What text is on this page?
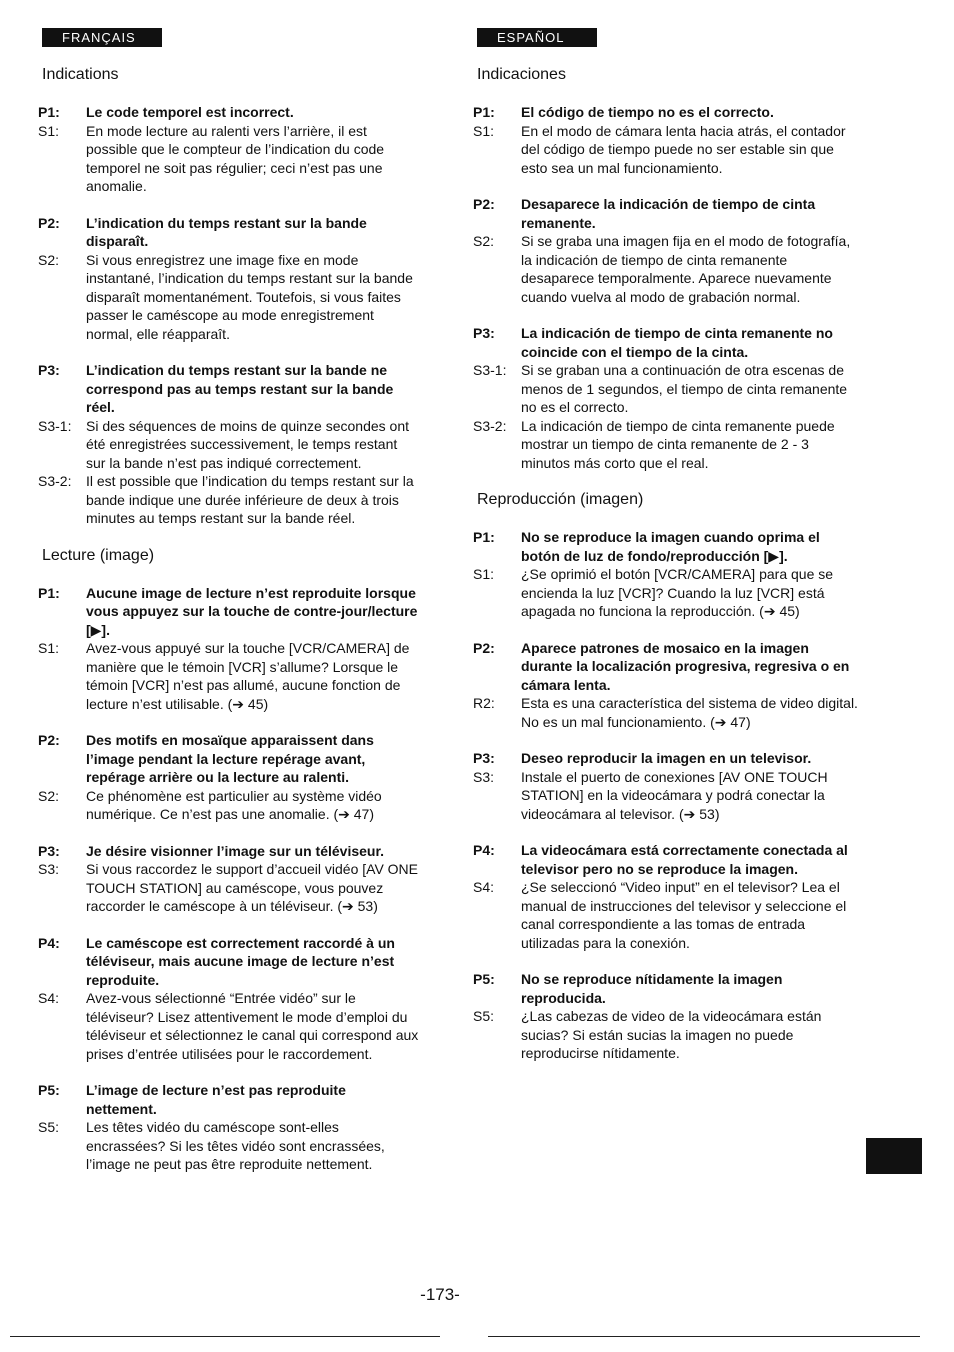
FRANÇAIS
Indications
P1:	Le code temporel est incorrect.
S1:	En mode lecture au ralenti vers l’arrière, il est possible que le compteur de l’indication du code temporel ne soit pas régulier; ceci n’est pas une anomalie.
P2:	L’indication du temps restant sur la bande disparaît.
S2:	Si vous enregistrez une image fixe en mode instantané, l’indication du temps restant sur la bande disparaît momentanément. Toutefois, si vous faites passer le caméscope au mode enregistrement normal, elle réapparaît.
P3:	L’indication du temps restant sur la bande ne correspond pas au temps restant sur la bande réel.
S3-1:	Si des séquences de moins de quinze secondes ont été enregistrées successivement, le temps restant sur la bande n’est pas indiqué correctement.
S3-2:	Il est possible que l’indication du temps restant sur la bande indique une durée inférieure de deux à trois minutes au temps restant sur la bande réel.
Lecture (image)
P1:	Aucune image de lecture n’est reproduite lorsque vous appuyez sur la touche de contre-jour/lecture [▶].
S1:	Avez-vous appuyé sur la touche [VCR/CAMERA] de manière que le témoin [VCR] s’allume? Lorsque le témoin [VCR] n’est pas allumé, aucune fonction de lecture n’est utilisable. (➔ 45)
P2:	Des motifs en mosaïque apparaissent dans l’image pendant la lecture repérage avant, repérage arrière ou la lecture au ralenti.
S2:	Ce phénomène est particulier au système vidéo numérique. Ce n’est pas une anomalie. (➔ 47)
P3:	Je désire visionner l’image sur un téléviseur.
S3:	Si vous raccordez le support d’accueil vidéo [AV ONE TOUCH STATION] au caméscope, vous pouvez raccorder le caméscope à un téléviseur. (➔ 53)
P4:	Le caméscope est correctement raccordé à un téléviseur, mais aucune image de lecture n’est reproduite.
S4:	Avez-vous sélectionné “Entrée vidéo” sur le téléviseur? Lisez attentivement le mode d’emploi du téléviseur et sélectionnez le canal qui correspond aux prises d’entrée utilisées pour le raccordement.
P5:	L’image de lecture n’est pas reproduite nettement.
S5:	Les têtes vidéo du caméscope sont-elles encrassées? Si les têtes vidéo sont encrassées, l’image ne peut pas être reproduite nettement.
ESPAÑOL
Indicaciones
P1:	El código de tiempo no es el correcto.
S1:	En el modo de cámara lenta hacia atrás, el contador del código de tiempo puede no ser estable sin que esto sea un mal funcionamiento.
P2:	Desaparece la indicación de tiempo de cinta remanente.
S2:	Si se graba una imagen fija en el modo de fotografía, la indicación de tiempo de cinta remanente desaparece temporalmente. Aparece nuevamente cuando vuelva al modo de grabación normal.
P3:	La indicación de tiempo de cinta remanente no coincide con el tiempo de la cinta.
S3-1:	Si se graban una a continuación de otra escenas de menos de 1 segundos, el tiempo de cinta remanente no es el correcto.
S3-2:	La indicación de tiempo de cinta remanente puede mostrar un tiempo de cinta remanente de 2 - 3 minutos más corto que el real.
Reproducción (imagen)
P1:	No se reproduce la imagen cuando oprima el botón de luz de fondo/reproducción [▶].
S1:	¿Se oprimió el botón [VCR/CAMERA] para que se encienda la luz [VCR]? Cuando la luz [VCR] está apagada no funciona la reproducción. (➔ 45)
P2:	Aparece patrones de mosaico en la imagen durante la localización progresiva, regresiva o en cámara lenta.
R2:	Esta es una característica del sistema de video digital. No es un mal funcionamiento. (➔ 47)
P3:	Deseo reproducir la imagen en un televisor.
S3:	Instale el puerto de conexiones [AV ONE TOUCH STATION] en la videocámara y podrá conectar la videocámara al televisor. (➔ 53)
P4:	La videocámara está correctamente conectada al televisor pero no se reproduce la imagen.
S4:	¿Se seleccionó “Video input” en el televisor? Lea el manual de instrucciones del televisor y seleccione el canal correspondiente a las tomas de entrada utilizadas para la conexión.
P5:	No se reproduce nítidamente la imagen reproducida.
S5:	¿Las cabezas de video de la videocámara están sucias? Si están sucias la imagen no puede reproducirse nítidamente.
-173-
